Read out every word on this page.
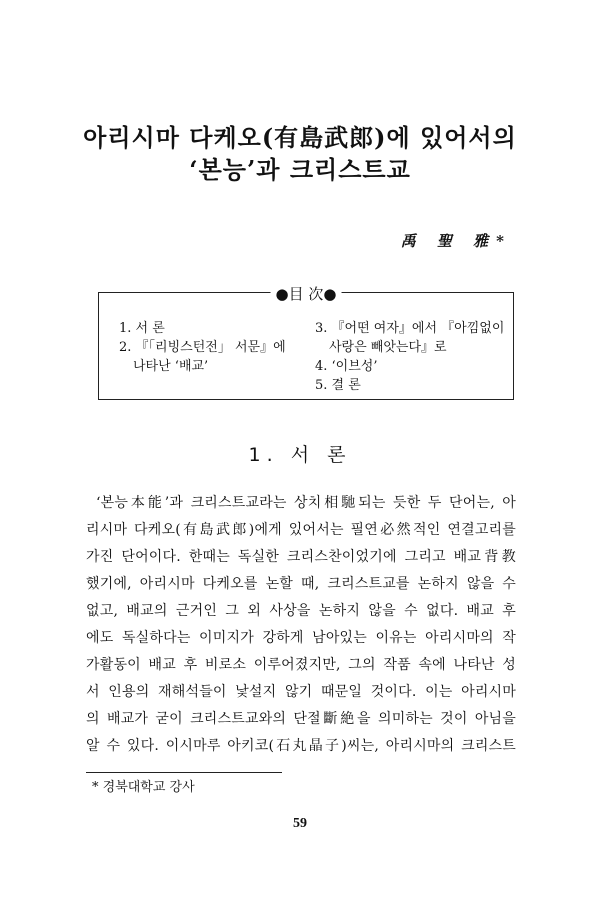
아리시마 다케오(有島武郎)에 있어서의
‘본능’과 크리스트교
禹 聖 雅*
●目 次●
1. 서 론
2. 『「리빙스턴전」 서문』에
나타난 ‘배교’
3. 『어떤 여자』에서 『아낌없이
사랑은 빼앗는다』로
4. ‘이브성’
5. 결 론
1. 서 론
‘본능本能’과 크리스트교라는 상치相馳되는 듯한 두 단어는, 아
리시마 다케오(有島武郎)에게 있어서는 필연必然적인 연결고리를
가진 단어이다. 한때는 독실한 크리스찬이었기에 그리고 배교背教
했기에, 아리시마 다케오를 논할 때, 크리스트교를 논하지 않을 수
없고, 배교의 근거인 그 외 사상을 논하지 않을 수 없다. 배교 후
에도 독실하다는 이미지가 강하게 남아있는 이유는 아리시마의 작
가활동이 배교 후 비로소 이루어졌지만, 그의 작품 속에 나타난 성
서 인용의 재해석들이 낯설지 않기 때문일 것이다. 이는 아리시마
의 배교가 굳이 크리스트교와의 단절斷絶을 의미하는 것이 아님을
알 수 있다. 이시마루 아키코(石丸晶子)씨는, 아리시마의 크리스트
* 경북대학교 강사
59
